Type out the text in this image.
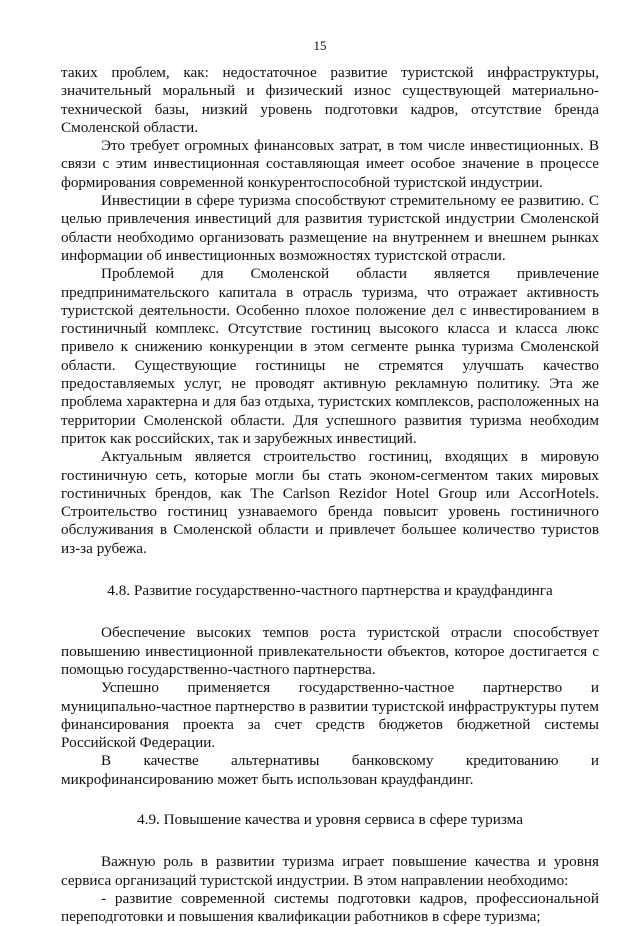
15

таких проблем, как: недостаточное развитие туристской инфраструктуры, значительный моральный и физический износ существующей материально-технической базы, низкий уровень подготовки кадров, отсутствие бренда Смоленской области.

Это требует огромных финансовых затрат, в том числе инвестиционных. В связи с этим инвестиционная составляющая имеет особое значение в процессе формирования современной конкурентоспособной туристской индустрии.

Инвестиции в сфере туризма способствуют стремительному ее развитию. С целью привлечения инвестиций для развития туристской индустрии Смоленской области необходимо организовать размещение на внутреннем и внешнем рынках информации об инвестиционных возможностях туристской отрасли.

Проблемой для Смоленской области является привлечение предпринимательского капитала в отрасль туризма, что отражает активность туристской деятельности. Особенно плохое положение дел с инвестированием в гостиничный комплекс. Отсутствие гостиниц высокого класса и класса люкс привело к снижению конкуренции в этом сегменте рынка туризма Смоленской области. Существующие гостиницы не стремятся улучшать качество предоставляемых услуг, не проводят активную рекламную политику. Эта же проблема характерна и для баз отдыха, туристских комплексов, расположенных на территории Смоленской области. Для успешного развития туризма необходим приток как российских, так и зарубежных инвестиций.

Актуальным является строительство гостиниц, входящих в мировую гостиничную сеть, которые могли бы стать эконом-сегментом таких мировых гостиничных брендов, как The Carlson Rezidor Hotel Group или AccorHotels. Строительство гостиниц узнаваемого бренда повысит уровень гостиничного обслуживания в Смоленской области и привлечет большее количество туристов из-за рубежа.

4.8. Развитие государственно-частного партнерства и краудфандинга

Обеспечение высоких темпов роста туристской отрасли способствует повышению инвестиционной привлекательности объектов, которое достигается с помощью государственно-частного партнерства.

Успешно применяется государственно-частное партнерство и муниципально-частное партнерство в развитии туристской инфраструктуры путем финансирования проекта за счет средств бюджетов бюджетной системы Российской Федерации.

В качестве альтернативы банковскому кредитованию и микрофинансированию может быть использован краудфандинг.

4.9. Повышение качества и уровня сервиса в сфере туризма

Важную роль в развитии туризма играет повышение качества и уровня сервиса организаций туристской индустрии. В этом направлении необходимо:

- развитие современной системы подготовки кадров, профессиональной переподготовки и повышения квалификации работников в сфере туризма;
